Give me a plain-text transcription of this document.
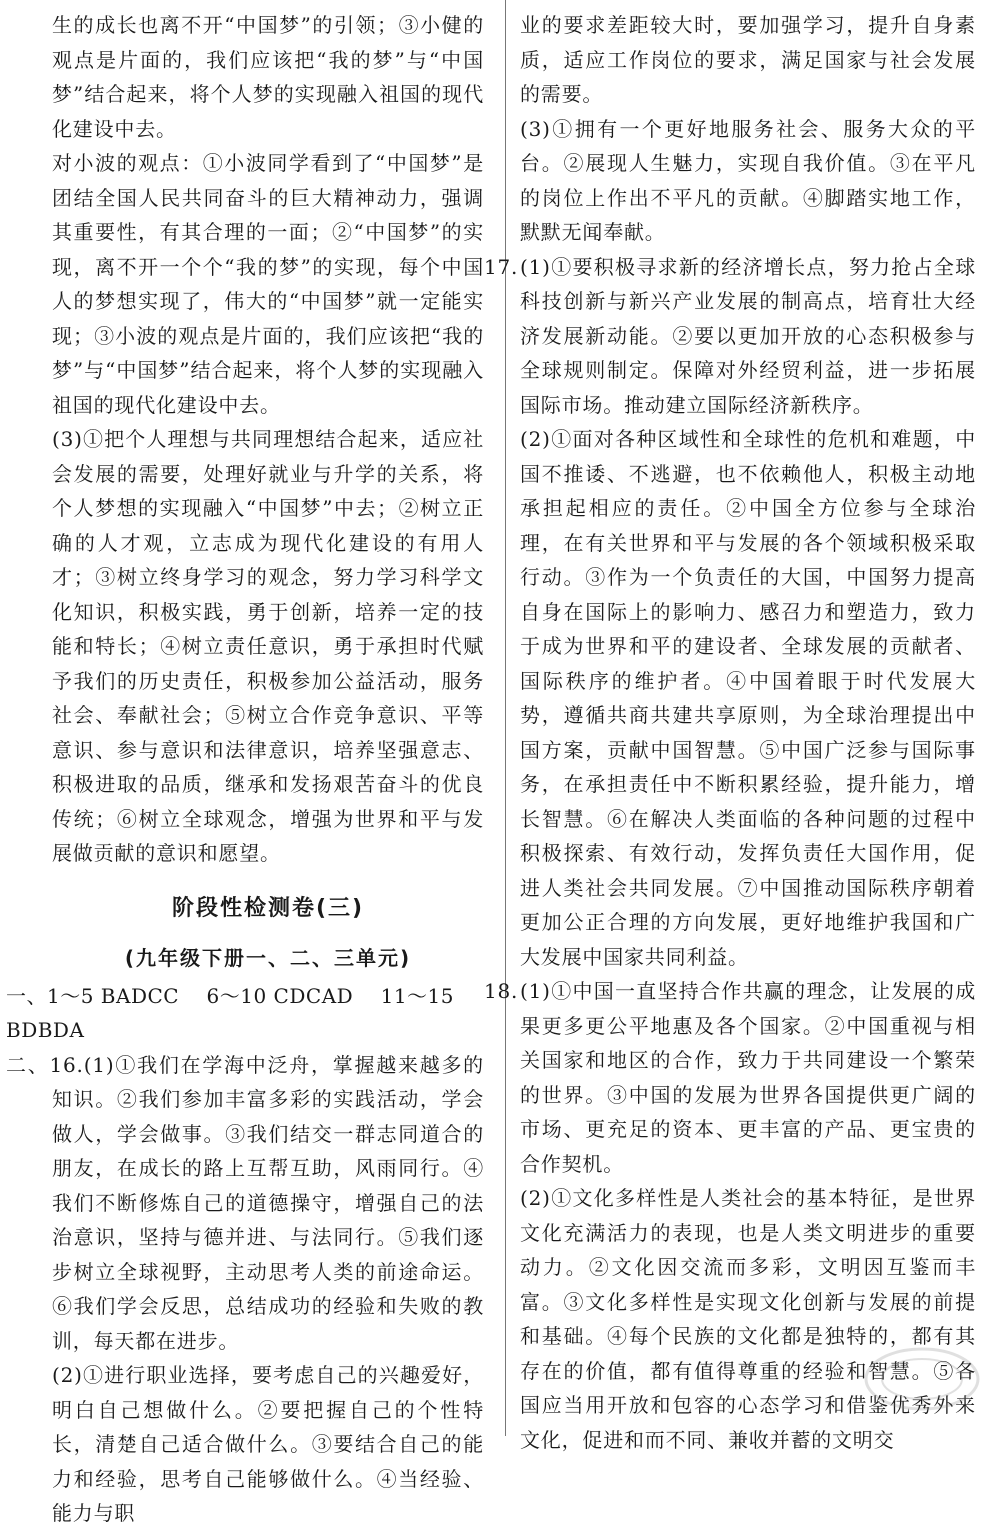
生的成长也离不开“中国梦”的引领；③小健的观点是片面的，我们应该把“我的梦”与“中国梦”结合起来，将个人梦的实现融入祖国的现代化建设中去。

对小波的观点：①小波同学看到了“中国梦”是团结全国人民共同奋斗的巨大精神动力，强调其重要性，有其合理的一面；②“中国梦”的实现，离不开一个个“我的梦”的实现，每个中国人的梦想实现了，伟大的“中国梦”就一定能实现；③小波的观点是片面的，我们应该把“我的梦”与“中国梦”结合起来，将个人梦的实现融入祖国的现代化建设中去。

(3)①把个人理想与共同理想结合起来，适应社会发展的需要，处理好就业与升学的关系，将个人梦想的实现融入“中国梦”中去；②树立正确的人才观，立志成为现代化建设的有用人才；③树立终身学习的观念，努力学习科学文化知识，积极实践，勇于创新，培养一定的技能和特长；④树立责任意识，勇于承担时代赋予我们的历史责任，积极参加公益活动，服务社会、奉献社会；⑤树立合作竞争意识、平等意识、参与意识和法律意识，培养坚强意志、积极进取的品质，继承和发扬艰苦奋斗的优良传统；⑥树立全球观念，增强为世界和平与发展做贡献的意识和愿望。

阶段性检测卷(三)

(九年级下册一、二、三单元)

一、1～5 BADCC    6～10 CDCAD    11～15 BDBDA

二、16.(1)①我们在学海中泛舟，掌握越来越多的知识。②我们参加丰富多彩的实践活动，学会做人，学会做事。③我们结交一群志同道合的朋友，在成长的路上互帮互助，风雨同行。④我们不断修炼自己的道德操守，增强自己的法治意识，坚持与德并进、与法同行。⑤我们逐步树立全球视野，主动思考人类的前途命运。⑥我们学会反思，总结成功的经验和失败的教训，每天都在进步。

(2)①进行职业选择，要考虑自己的兴趣爱好，明白自己想做什么。②要把握自己的个性特长，清楚自己适合做什么。③要结合自己的能力和经验，思考自己能够做什么。④当经验、能力与职

业的要求差距较大时，要加强学习，提升自身素质，适应工作岗位的要求，满足国家与社会发展的需要。

(3)①拥有一个更好地服务社会、服务大众的平台。②展现人生魅力，实现自我价值。③在平凡的岗位上作出不平凡的贡献。④脚踏实地工作，默默无闻奉献。

17. (1)①要积极寻求新的经济增长点，努力抢占全球科技创新与新兴产业发展的制高点，培育壮大经济发展新动能。②要以更加开放的心态积极参与全球规则制定。保障对外经贸利益，进一步拓展国际市场。推动建立国际经济新秩序。

(2)①面对各种区域性和全球性的危机和难题，中国不推诿、不逃避，也不依赖他人，积极主动地承担起相应的责任。②中国全方位参与全球治理，在有关世界和平与发展的各个领域积极采取行动。③作为一个负责任的大国，中国努力提高自身在国际上的影响力、感召力和塑造力，致力于成为世界和平的建设者、全球发展的贡献者、国际秩序的维护者。④中国着眼于时代发展大势，遵循共商共建共享原则，为全球治理提出中国方案，贡献中国智慧。⑤中国广泛参与国际事务，在承担责任中不断积累经验，提升能力，增长智慧。⑥在解决人类面临的各种问题的过程中积极探索、有效行动，发挥负责任大国作用，促进人类社会共同发展。⑦中国推动国际秩序朝着更加公正合理的方向发展，更好地维护我国和广大发展中国家共同利益。

18. (1)①中国一直坚持合作共赢的理念，让发展的成果更多更公平地惠及各个国家。②中国重视与相关国家和地区的合作，致力于共同建设一个繁荣的世界。③中国的发展为世界各国提供更广阔的市场、更充足的资本、更丰富的产品、更宝贵的合作契机。

(2)①文化多样性是人类社会的基本特征，是世界文化充满活力的表现，也是人类文明进步的重要动力。②文化因交流而多彩，文明因互鉴而丰富。③文化多样性是实现文化创新与发展的前提和基础。④每个民族的文化都是独特的，都有其存在的价值，都有值得尊重的经验和智慧。⑤各国应当用开放和包容的心态学习和借鉴优秀外来文化，促进和而不同、兼收并蓄的文明交
